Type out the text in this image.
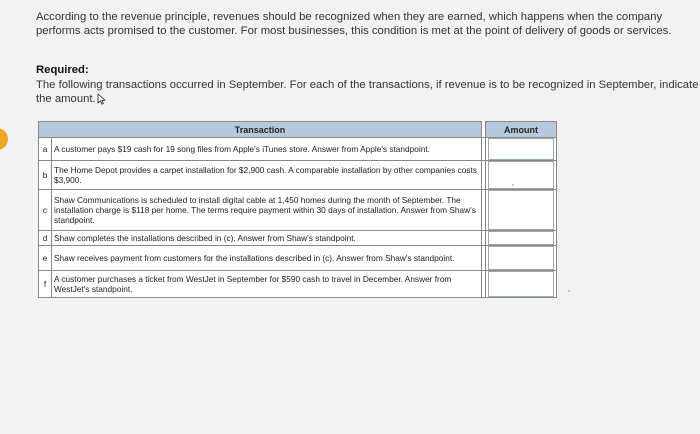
According to the revenue principle, revenues should be recognized when they are earned, which happens when the company performs acts promised to the customer. For most businesses, this condition is met at the point of delivery of goods or services.
Required:
The following transactions occurred in September. For each of the transactions, if revenue is to be recognized in September, indicate
the amount.
Transaction			Amount
a	A customer pays $19 cash for 19 song files from Apple's iTunes store. Answer from Apple's standpoint.		

b	The Home Depot provides a carpet installation for $2,900 cash. A comparable installation by other companies costs $3,900.		

c	Shaw Communications is scheduled to install digital cable at 1,450 homes during the month of September. The installation charge is $118 per home. The terms require payment within 30 days of installation. Answer from Shaw's standpoint.		

d	Shaw completes the installations described in (c). Answer from Shaw's standpoint.		

e	Shaw receives payment from customers for the installations described in (c). Answer from Shaw's standpoint.		

f	A customer purchases a ticket from WestJet in September for $590 cash to travel in December. Answer from WestJet's standpoint.		
